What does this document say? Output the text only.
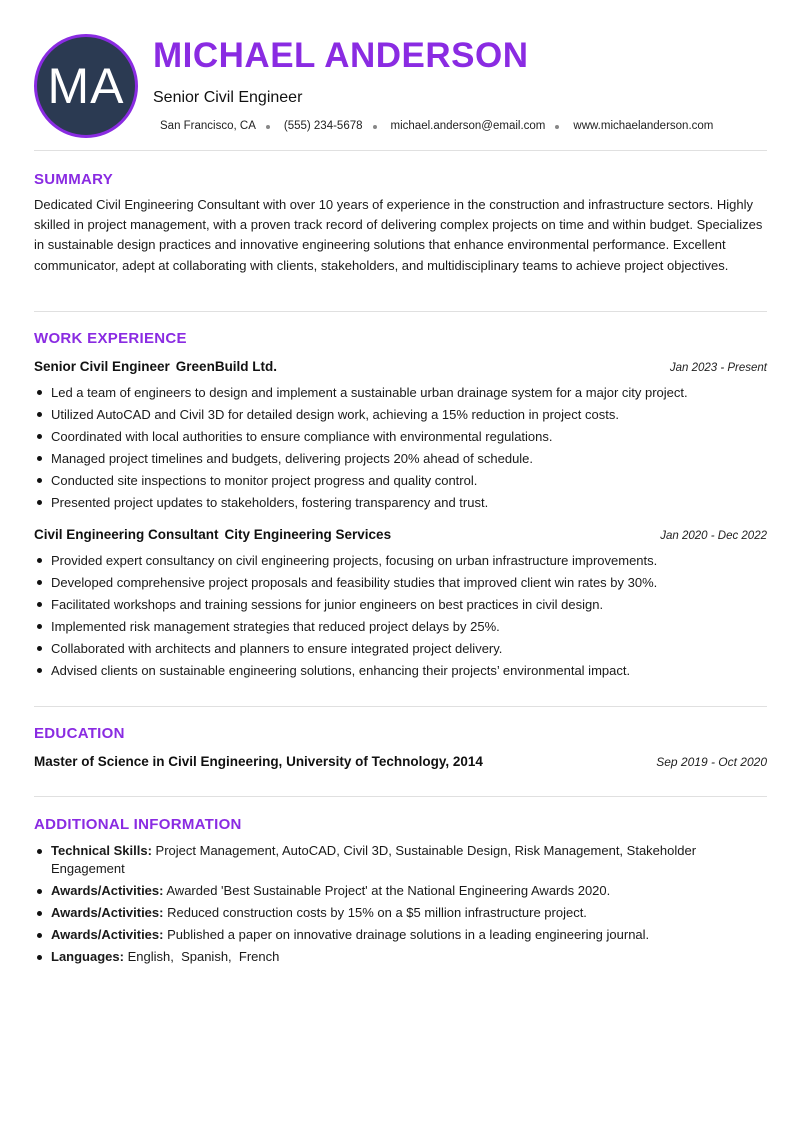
MA
MICHAEL ANDERSON
Senior Civil Engineer
San Francisco, CA (555) 234-5678 michael.anderson@email.com www.michaelanderson.com
SUMMARY
Dedicated Civil Engineering Consultant with over 10 years of experience in the construction and infrastructure sectors. Highly skilled in project management, with a proven track record of delivering complex projects on time and within budget. Specializes in sustainable design practices and innovative engineering solutions that enhance environmental performance. Excellent communicator, adept at collaborating with clients, stakeholders, and multidisciplinary teams to achieve project objectives.
WORK EXPERIENCE
Senior Civil Engineer GreenBuild Ltd.	Jan 2023 - Present
Led a team of engineers to design and implement a sustainable urban drainage system for a major city project.
Utilized AutoCAD and Civil 3D for detailed design work, achieving a 15% reduction in project costs.
Coordinated with local authorities to ensure compliance with environmental regulations.
Managed project timelines and budgets, delivering projects 20% ahead of schedule.
Conducted site inspections to monitor project progress and quality control.
Presented project updates to stakeholders, fostering transparency and trust.
Civil Engineering Consultant City Engineering Services	Jan 2020 - Dec 2022
Provided expert consultancy on civil engineering projects, focusing on urban infrastructure improvements.
Developed comprehensive project proposals and feasibility studies that improved client win rates by 30%.
Facilitated workshops and training sessions for junior engineers on best practices in civil design.
Implemented risk management strategies that reduced project delays by 25%.
Collaborated with architects and planners to ensure integrated project delivery.
Advised clients on sustainable engineering solutions, enhancing their projects’ environmental impact.
EDUCATION
Master of Science in Civil Engineering, University of Technology, 2014	Sep 2019 - Oct 2020
ADDITIONAL INFORMATION
Technical Skills: Project Management, AutoCAD, Civil 3D, Sustainable Design, Risk Management, Stakeholder Engagement
Awards/Activities: Awarded 'Best Sustainable Project' at the National Engineering Awards 2020.
Awards/Activities: Reduced construction costs by 15% on a $5 million infrastructure project.
Awards/Activities: Published a paper on innovative drainage solutions in a leading engineering journal.
Languages: English,  Spanish,  French
